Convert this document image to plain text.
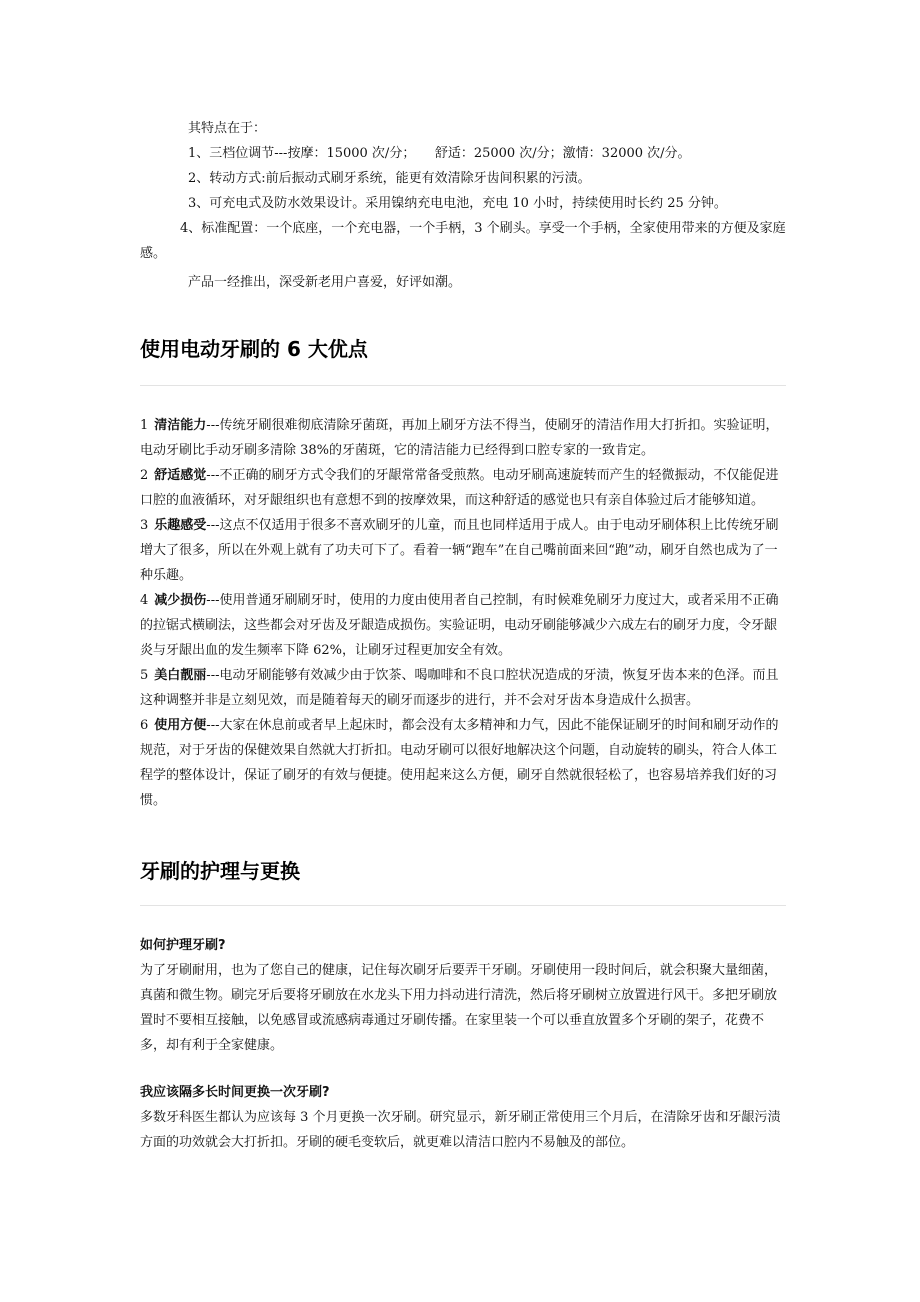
其特点在于：

1、三档位调节---按摩：15000 次/分；　　舒适：25000 次/分；激情：32000 次/分。

2、转动方式:前后振动式刷牙系统，能更有效清除牙齿间积累的污渍。

3、可充电式及防水效果设计。采用镍纳充电电池，充电 10 小时，持续使用时长约 25 分钟。

4、标准配置：一个底座，一个充电器，一个手柄，3 个刷头。享受一个手柄，全家使用带来的方便及家庭感。

产品一经推出，深受新老用户喜爱，好评如潮。

使用电动牙刷的 6 大优点

1 清洁能力---传统牙刷很难彻底清除牙菌斑，再加上刷牙方法不得当，使刷牙的清洁作用大打折扣。实验证明，电动牙刷比手动牙刷多清除 38%的牙菌斑，它的清洁能力已经得到口腔专家的一致肯定。

2 舒适感觉---不正确的刷牙方式令我们的牙龈常常备受煎熬。电动牙刷高速旋转而产生的轻微振动，不仅能促进口腔的血液循环，对牙龈组织也有意想不到的按摩效果，而这种舒适的感觉也只有亲自体验过后才能够知道。

3 乐趣感受---这点不仅适用于很多不喜欢刷牙的儿童，而且也同样适用于成人。由于电动牙刷体积上比传统牙刷增大了很多，所以在外观上就有了功夫可下了。看着一辆“跑车”在自己嘴前面来回“跑”动，刷牙自然也成为了一种乐趣。

4 减少损伤---使用普通牙刷刷牙时，使用的力度由使用者自己控制，有时候难免刷牙力度过大，或者采用不正确的拉锯式横刷法，这些都会对牙齿及牙龈造成损伤。实验证明，电动牙刷能够减少六成左右的刷牙力度，令牙龈炎与牙龈出血的发生频率下降 62%，让刷牙过程更加安全有效。

5 美白靓丽---电动牙刷能够有效减少由于饮茶、喝咖啡和不良口腔状况造成的牙渍，恢复牙齿本来的色泽。而且这种调整并非是立刻见效，而是随着每天的刷牙而逐步的进行，并不会对牙齿本身造成什么损害。

6 使用方便---大家在休息前或者早上起床时，都会没有太多精神和力气，因此不能保证刷牙的时间和刷牙动作的规范，对于牙齿的保健效果自然就大打折扣。电动牙刷可以很好地解决这个问题，自动旋转的刷头，符合人体工程学的整体设计，保证了刷牙的有效与便捷。使用起来这么方便，刷牙自然就很轻松了，也容易培养我们好的习惯。

牙刷的护理与更换

如何护理牙刷?

为了牙刷耐用，也为了您自己的健康，记住每次刷牙后要弄干牙刷。牙刷使用一段时间后，就会积聚大量细菌，真菌和微生物。刷完牙后要将牙刷放在水龙头下用力抖动进行清洗，然后将牙刷树立放置进行风干。多把牙刷放置时不要相互接触，以免感冒或流感病毒通过牙刷传播。在家里装一个可以垂直放置多个牙刷的架子，花费不多，却有利于全家健康。

我应该隔多长时间更换一次牙刷?

多数牙科医生都认为应该每 3 个月更换一次牙刷。研究显示，新牙刷正常使用三个月后，在清除牙齿和牙龈污渍方面的功效就会大打折扣。牙刷的硬毛变软后，就更难以清洁口腔内不易触及的部位。
